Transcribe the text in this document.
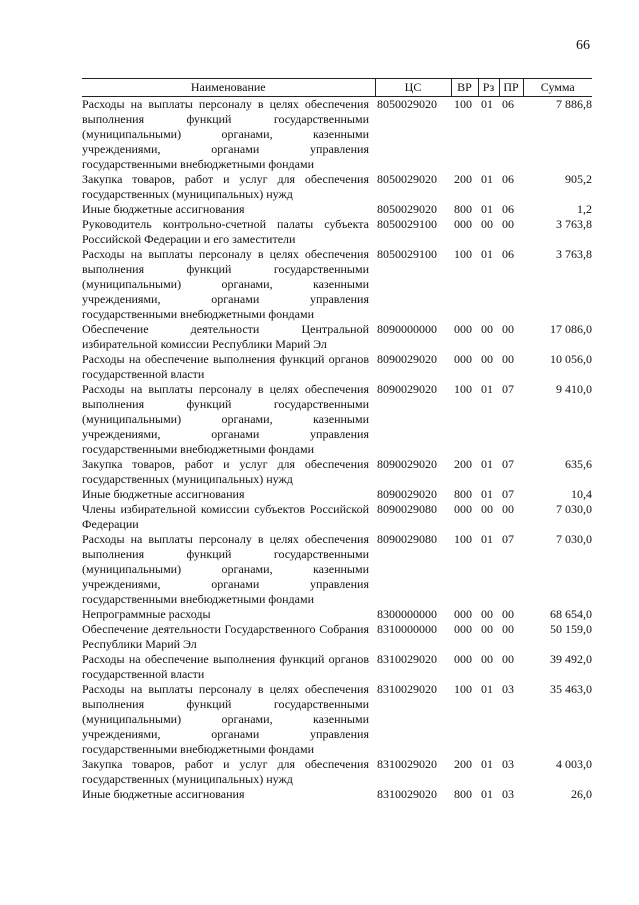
66
Наименование	ЦС	ВР	Рз	ПР	Сумма
Расходы на выплаты персоналу в целях обеспечения выполнения функций государственными (муниципальными) органами, казенными учреждениями, органами управления государственными внебюджетными фондами	8050029020	100	01	06	7 886,8
Закупка товаров, работ и услуг для обеспечения государственных (муниципальных) нужд	8050029020	200	01	06	905,2
Иные бюджетные ассигнования	8050029020	800	01	06	1,2
Руководитель контрольно-счетной палаты субъекта Российской Федерации и его заместители	8050029100	000	00	00	3 763,8
Расходы на выплаты персоналу в целях обеспечения выполнения функций государственными (муниципальными) органами, казенными учреждениями, органами управления государственными внебюджетными фондами	8050029100	100	01	06	3 763,8
Обеспечение деятельности Центральной избирательной комиссии Республики Марий Эл	8090000000	000	00	00	17 086,0
Расходы на обеспечение выполнения функций органов государственной власти	8090029020	000	00	00	10 056,0
Расходы на выплаты персоналу в целях обеспечения выполнения функций государственными (муниципальными) органами, казенными учреждениями, органами управления государственными внебюджетными фондами	8090029020	100	01	07	9 410,0
Закупка товаров, работ и услуг для обеспечения государственных (муниципальных) нужд	8090029020	200	01	07	635,6
Иные бюджетные ассигнования	8090029020	800	01	07	10,4
Члены избирательной комиссии субъектов Российской Федерации	8090029080	000	00	00	7 030,0
Расходы на выплаты персоналу в целях обеспечения выполнения функций государственными (муниципальными) органами, казенными учреждениями, органами управления государственными внебюджетными фондами	8090029080	100	01	07	7 030,0
Непрограммные расходы	8300000000	000	00	00	68 654,0
Обеспечение деятельности Государственного Собрания Республики Марий Эл	8310000000	000	00	00	50 159,0
Расходы на обеспечение выполнения функций органов государственной власти	8310029020	000	00	00	39 492,0
Расходы на выплаты персоналу в целях обеспечения выполнения функций государственными (муниципальными) органами, казенными учреждениями, органами управления государственными внебюджетными фондами	8310029020	100	01	03	35 463,0
Закупка товаров, работ и услуг для обеспечения государственных (муниципальных) нужд	8310029020	200	01	03	4 003,0
Иные бюджетные ассигнования	8310029020	800	01	03	26,0
